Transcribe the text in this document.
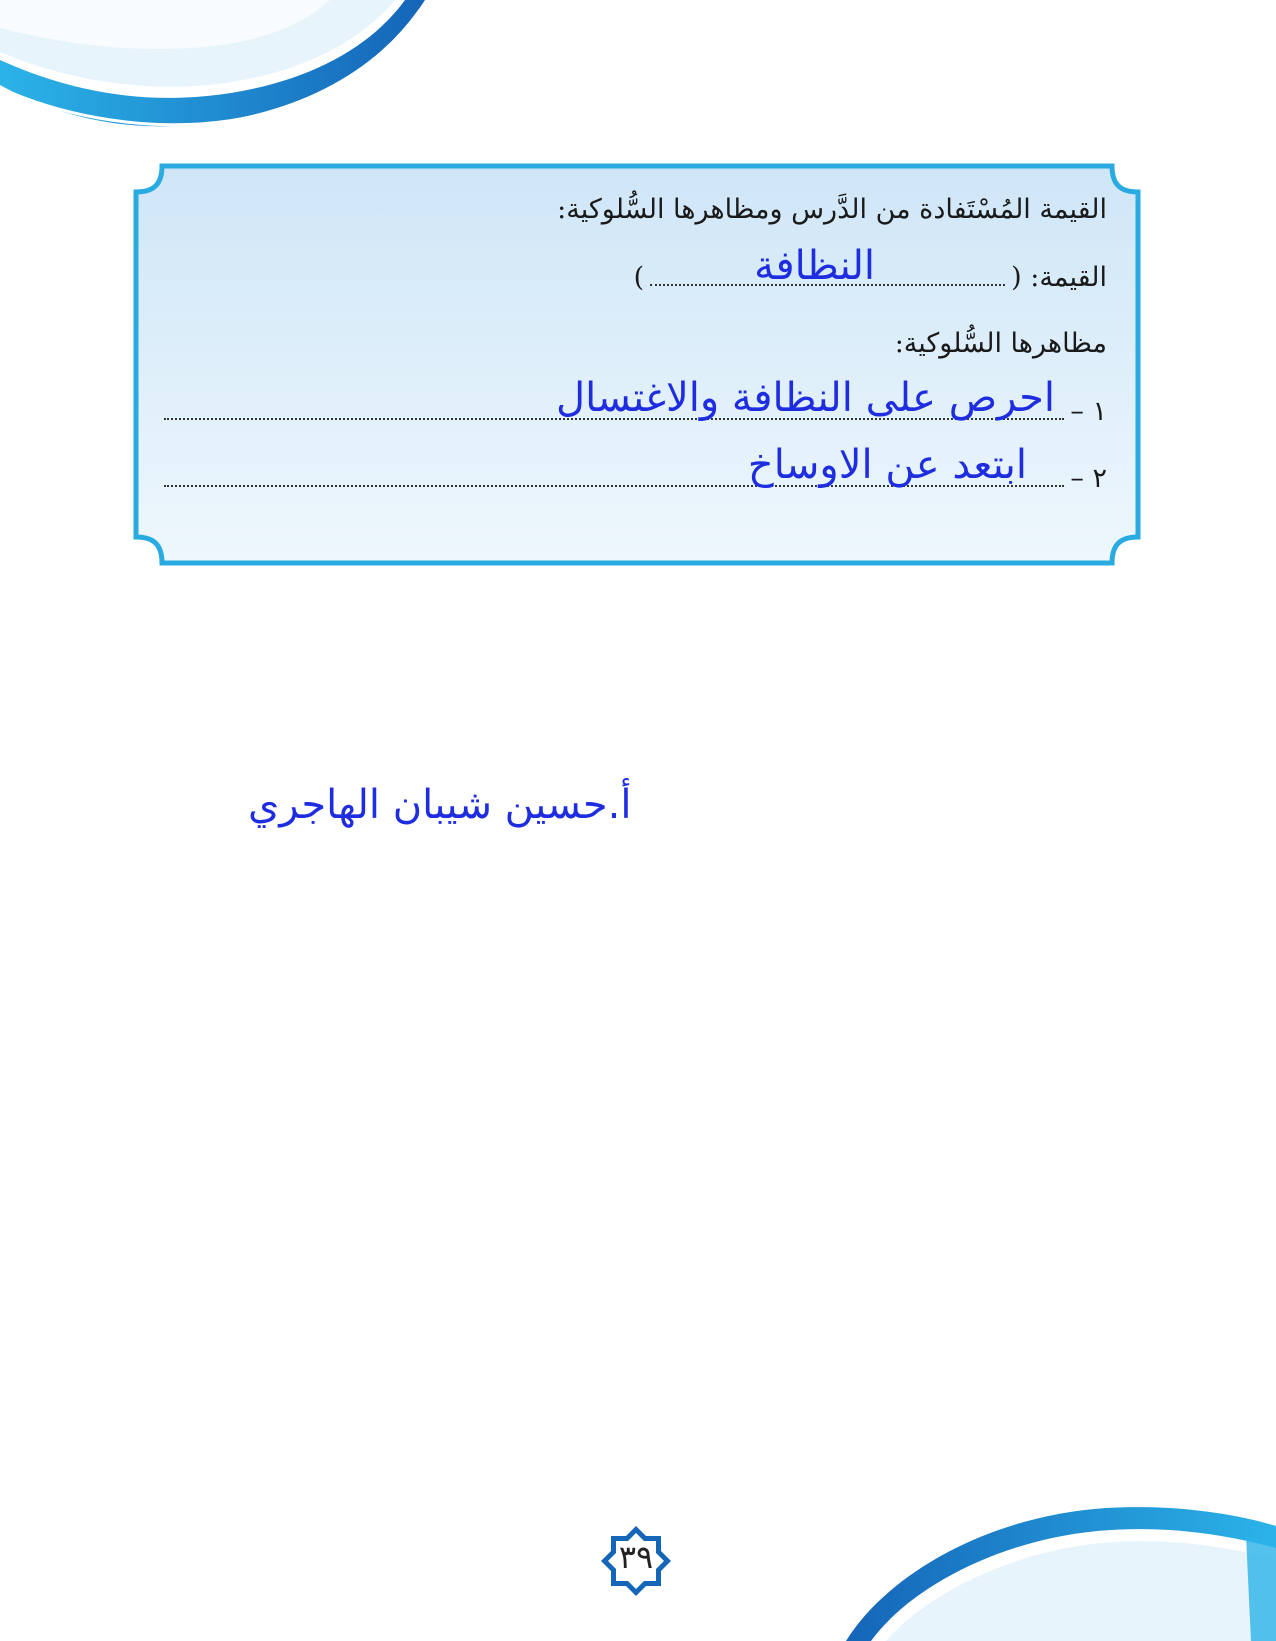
القيمة المُسْتَفادة من الدَّرس ومظاهرها السُّلوكية:
القيمة: ()	النظافة
مظاهرها السُّلوكية:
١ –
احرص على النظافة والاغتسال
٢ –
ابتعد عن الاوساخ
أ.حسين شيبان الهاجري
٣٩
